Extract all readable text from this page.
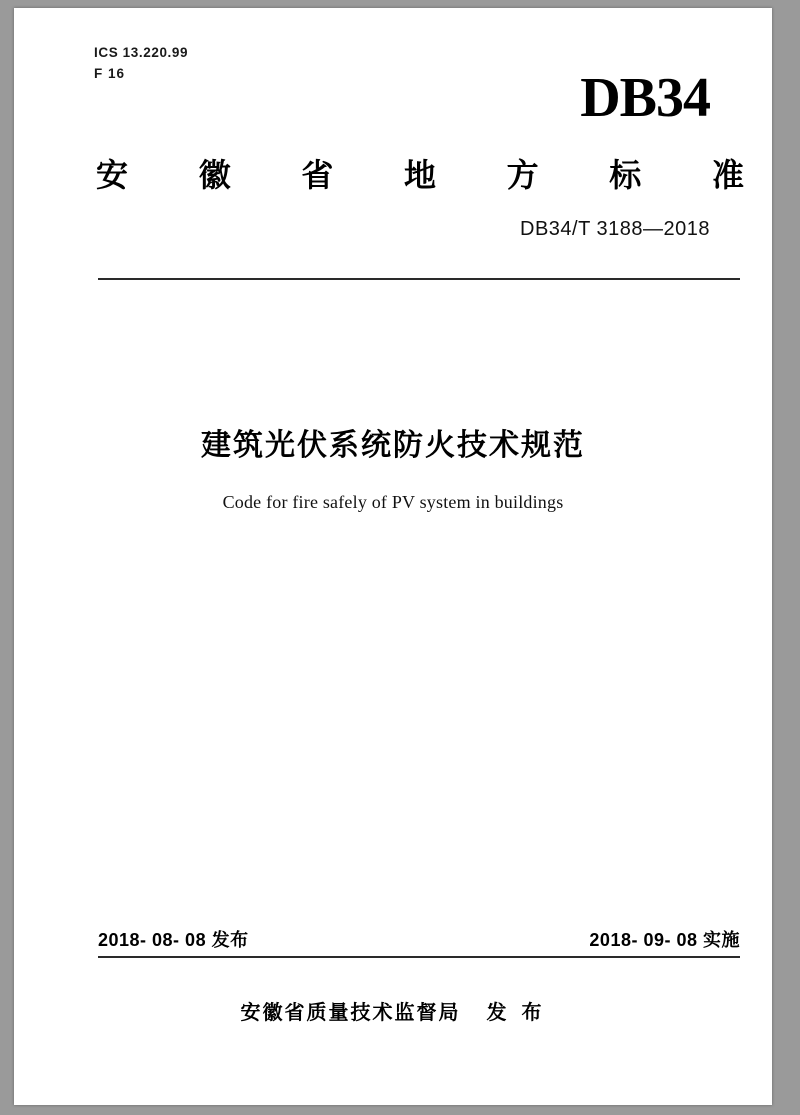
ICS 13.220.99
F 16	DB34
安 徽 省 地 方 标 准
DB34/T 3188—2018
建筑光伏系统防火技术规范
Code for fire safely of PV system in buildings
2018- 08- 08 发布	2018- 09- 08 实施
安徽省质量技术监督局 发 布
